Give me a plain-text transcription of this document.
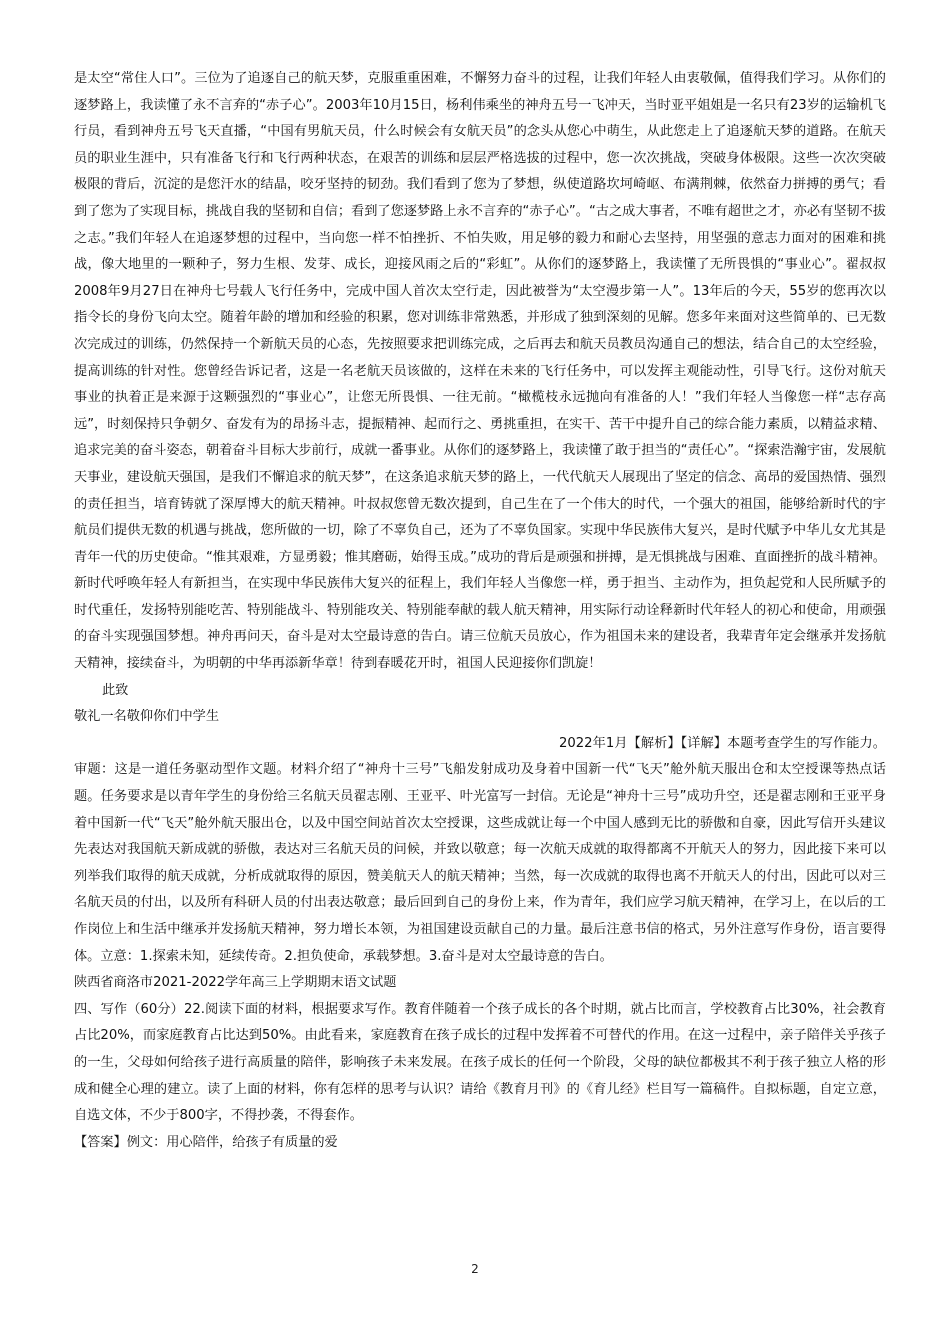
是太空“常住人口”。三位为了追逐自己的航天梦，克服重重困难，不懈努力奋斗的过程，让我们年轻人由衷敬佩，值得我们学习。从你们的逐梦路上，我读懂了永不言弃的“赤子心”。2003年10月15日，杨利伟乘坐的神舟五号一飞冲天，当时亚平姐姐是一名只有23岁的运输机飞行员，看到神舟五号飞天直播，“中国有男航天员，什么时候会有女航天员”的念头从您心中萌生，从此您走上了追逐航天梦的道路。在航天员的职业生涯中，只有准备飞行和飞行两种状态，在艰苦的训练和层层严格选拔的过程中，您一次次挑战，突破身体极限。这些一次次突破极限的背后，沉淀的是您汗水的结晶，咬牙坚持的韧劲。我们看到了您为了梦想，纵使道路坎坷崎岖、布满荆棘，依然奋力拼搏的勇气；看到了您为了实现目标，挑战自我的坚韧和自信；看到了您逐梦路上永不言弃的“赤子心”。“古之成大事者，不唯有超世之才，亦必有坚韧不拔之志。”我们年轻人在追逐梦想的过程中，当向您一样不怕挫折、不怕失败，用足够的毅力和耐心去坚持，用坚强的意志力面对的困难和挑战，像大地里的一颗种子，努力生根、发芽、成长，迎接风雨之后的“彩虹”。从你们的逐梦路上，我读懂了无所畏惧的“事业心”。翟叔叔2008年9月27日在神舟七号载人飞行任务中，完成中国人首次太空行走，因此被誉为“太空漫步第一人”。13年后的今天，55岁的您再次以指令长的身份飞向太空。随着年龄的增加和经验的积累，您对训练非常熟悉，并形成了独到深刻的见解。您多年来面对这些简单的、已无数次完成过的训练，仍然保持一个新航天员的心态，先按照要求把训练完成，之后再去和航天员教员沟通自己的想法，结合自己的太空经验，提高训练的针对性。您曾经告诉记者，这是一名老航天员该做的，这样在未来的飞行任务中，可以发挥主观能动性，引导飞行。这份对航天事业的执着正是来源于这颗强烈的“事业心”，让您无所畏惧、一往无前。“橄榄枝永远抛向有准备的人！”我们年轻人当像您一样“志存高远”，时刻保持只争朝夕、奋发有为的昂扬斗志，提振精神、起而行之、勇挑重担，在实干、苦干中提升自己的综合能力素质，以精益求精、追求完美的奋斗姿态，朝着奋斗目标大步前行，成就一番事业。从你们的逐梦路上，我读懂了敢于担当的“责任心”。“探索浩瀚宇宙，发展航天事业，建设航天强国，是我们不懈追求的航天梦”，在这条追求航天梦的路上，一代代航天人展现出了坚定的信念、高昂的爱国热情、强烈的责任担当，培育铸就了深厚博大的航天精神。叶叔叔您曾无数次提到，自己生在了一个伟大的时代，一个强大的祖国，能够给新时代的宇航员们提供无数的机遇与挑战，您所做的一切，除了不辜负自己，还为了不辜负国家。实现中华民族伟大复兴，是时代赋予中华儿女尤其是青年一代的历史使命。“惟其艰难，方显勇毅；惟其磨砺，始得玉成。”成功的背后是顽强和拼搏，是无惧挑战与困难、直面挫折的战斗精神。新时代呼唤年轻人有新担当，在实现中华民族伟大复兴的征程上，我们年轻人当像您一样，勇于担当、主动作为，担负起党和人民所赋予的时代重任，发扬特别能吃苦、特别能战斗、特别能攻关、特别能奉献的载人航天精神，用实际行动诠释新时代年轻人的初心和使命，用顽强的奋斗实现强国梦想。神舟再问天，奋斗是对太空最诗意的告白。请三位航天员放心，作为祖国未来的建设者，我辈青年定会继承并发扬航天精神，接续奋斗，为明朝的中华再添新华章！待到春暖花开时，祖国人民迎接你们凯旋！

此致

敬礼一名敬仰你们中学生

2022年1月【解析】【详解】本题考查学生的写作能力。审题：这是一道任务驱动型作文题。材料介绍了“神舟十三号”飞船发射成功及身着中国新一代“飞天”舱外航天服出仓和太空授课等热点话题。任务要求是以青年学生的身份给三名航天员翟志刚、王亚平、叶光富写一封信。无论是“神舟十三号”成功升空，还是翟志刚和王亚平身着中国新一代“飞天”舱外航天服出仓，以及中国空间站首次太空授课，这些成就让每一个中国人感到无比的骄傲和自豪，因此写信开头建议先表达对我国航天新成就的骄傲，表达对三名航天员的问候，并致以敬意；每一次航天成就的取得都离不开航天人的努力，因此接下来可以列举我们取得的航天成就，分析成就取得的原因，赞美航天人的航天精神；当然，每一次成就的取得也离不开航天人的付出，因此可以对三名航天员的付出，以及所有科研人员的付出表达敬意；最后回到自己的身份上来，作为青年，我们应学习航天精神，在学习上，在以后的工作岗位上和生活中继承并发扬航天精神，努力增长本领，为祖国建设贡献自己的力量。最后注意书信的格式，另外注意写作身份，语言要得体。立意：1.探索未知，延续传奇。2.担负使命，承载梦想。3.奋斗是对太空最诗意的告白。

陕西省商洛市2021-2022学年高三上学期期末语文试题

四、写作（60分）22.阅读下面的材料，根据要求写作。教育伴随着一个孩子成长的各个时期，就占比而言，学校教育占比30%，社会教育占比20%，而家庭教育占比达到50%。由此看来，家庭教育在孩子成长的过程中发挥着不可替代的作用。在这一过程中，亲子陪伴关乎孩子的一生，父母如何给孩子进行高质量的陪伴，影响孩子未来发展。在孩子成长的任何一个阶段，父母的缺位都极其不利于孩子独立人格的形成和健全心理的建立。读了上面的材料，你有怎样的思考与认识？请给《教育月刊》的《育儿经》栏目写一篇稿件。自拟标题，自定立意，自选文体，不少于800字，不得抄袭，不得套作。

【答案】例文：用心陪伴，给孩子有质量的爱

2
